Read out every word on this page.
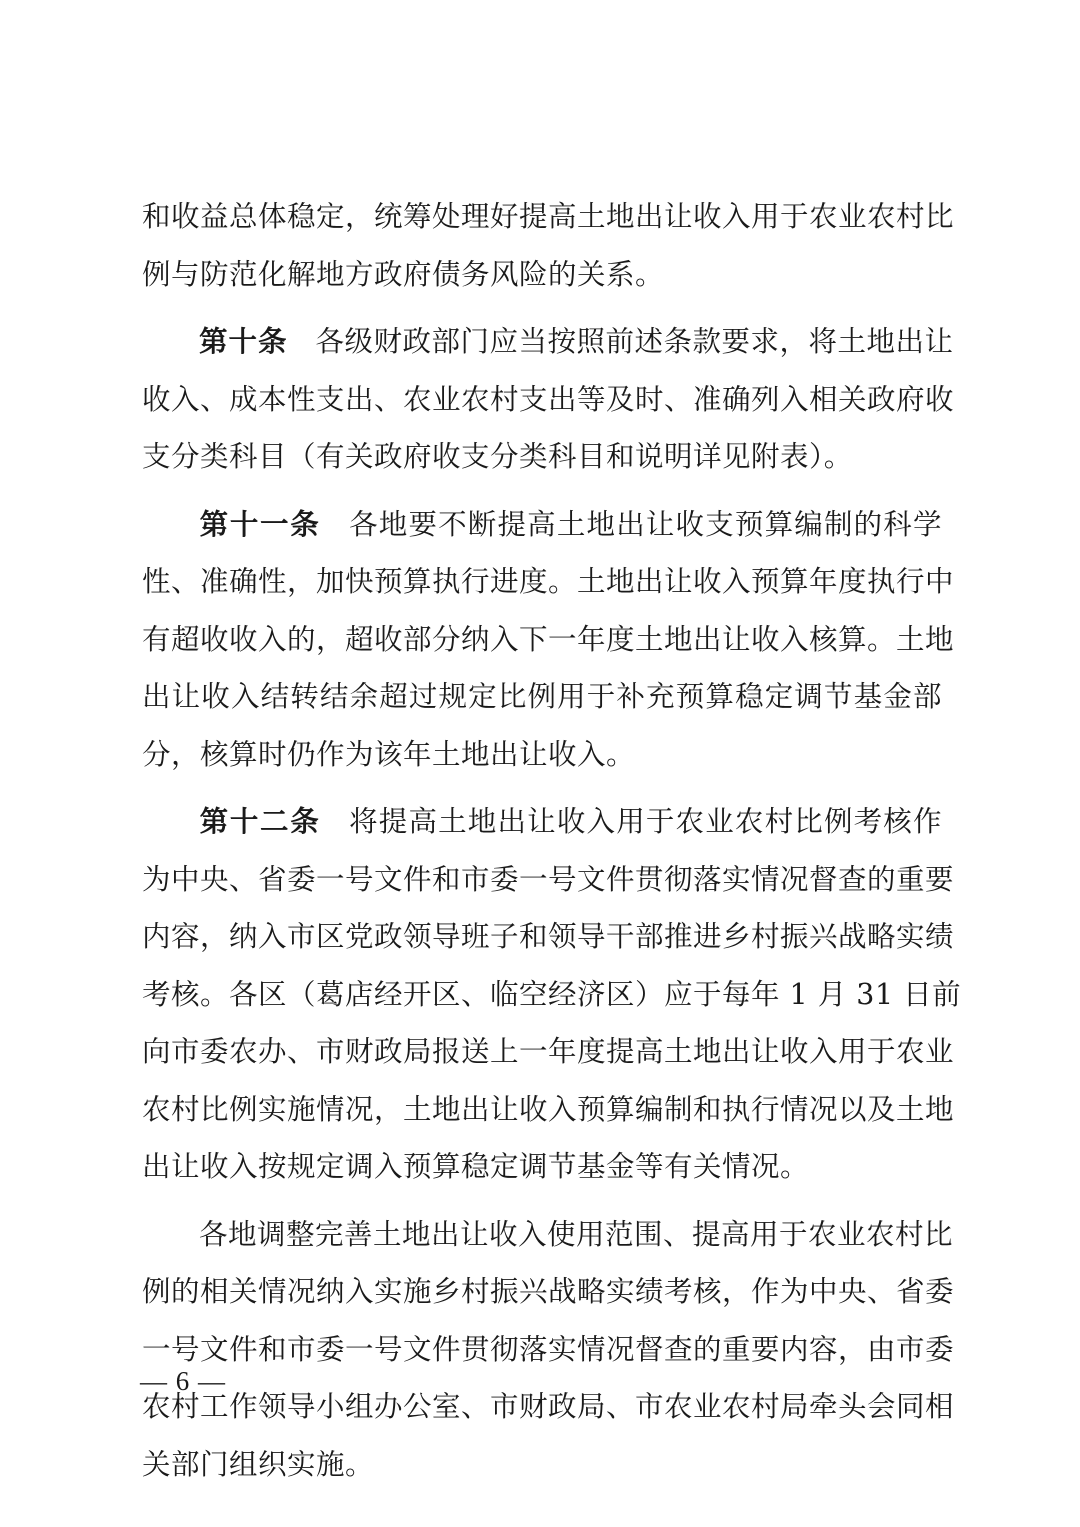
和收益总体稳定，统筹处理好提高土地出让收入用于农业农村比
例与防范化解地方政府债务风险的关系。
第十条 各级财政部门应当按照前述条款要求，将土地出让
收入、成本性支出、农业农村支出等及时、准确列入相关政府收
支分类科目（有关政府收支分类科目和说明详见附表）。
第十一条 各地要不断提高土地出让收支预算编制的科学
性、准确性，加快预算执行进度。土地出让收入预算年度执行中
有超收收入的，超收部分纳入下一年度土地出让收入核算。土地
出让收入结转结余超过规定比例用于补充预算稳定调节基金部
分，核算时仍作为该年土地出让收入。
第十二条 将提高土地出让收入用于农业农村比例考核作
为中央、省委一号文件和市委一号文件贯彻落实情况督查的重要
内容，纳入市区党政领导班子和领导干部推进乡村振兴战略实绩
考核。各区（葛店经开区、临空经济区）应于每年 1 月 31 日前
向市委农办、市财政局报送上一年度提高土地出让收入用于农业
农村比例实施情况，土地出让收入预算编制和执行情况以及土地
出让收入按规定调入预算稳定调节基金等有关情况。
各地调整完善土地出让收入使用范围、提高用于农业农村比
例的相关情况纳入实施乡村振兴战略实绩考核，作为中央、省委
一号文件和市委一号文件贯彻落实情况督查的重要内容，由市委
农村工作领导小组办公室、市财政局、市农业农村局牵头会同相
关部门组织实施。
— 6 —
